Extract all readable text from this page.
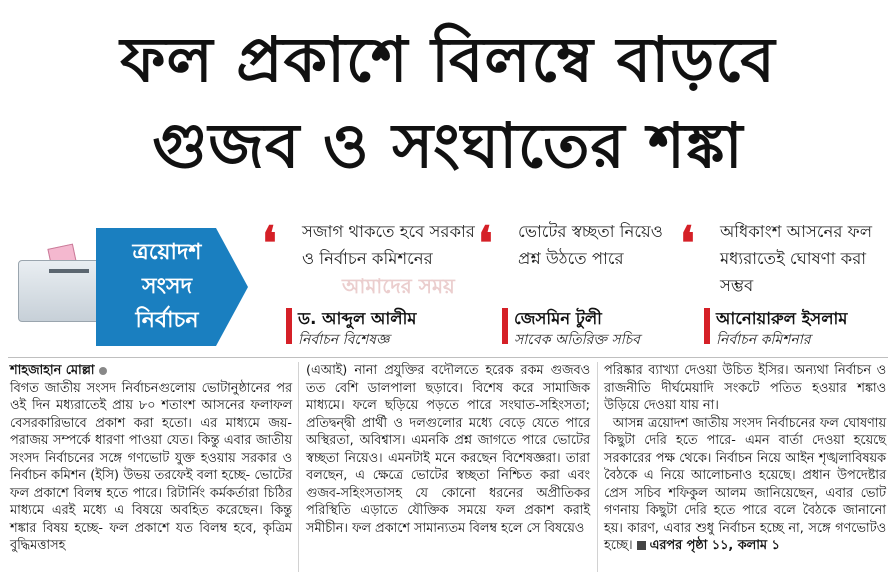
ফল প্রকাশে বিলম্বে বাড়বে
গুজব ও সংঘাতের শঙ্কা
ত্রয়োদশ
সংসদ
নির্বাচন
❛	সজাগ থাকতে হবে সরকার ও নির্বাচন কমিশনের
ড. আব্দুল আলীম
নির্বাচন বিশেষজ্ঞ
❛	ভোটের স্বচ্ছতা নিয়েও প্রশ্ন উঠতে পারে
জেসমিন টুলী
সাবেক অতিরিক্ত সচিব
❛	অধিকাংশ আসনের ফল মধ্যরাতেই ঘোষণা করা সম্ভব
আনোয়ারুল ইসলাম
নির্বাচন কমিশনার
আমাদের সময়
শাহজাহান মোল্লা
বিগত জাতীয় সংসদ নির্বাচনগুলোয় ভোটানুষ্ঠানের পর ওই দিন মধ্যরাতেই প্রায় ৮০ শতাংশ আসনের ফলাফল বেসরকারিভাবে প্রকাশ করা হতো। এর মাধ্যমে জয়-পরাজয় সম্পর্কে ধারণা পাওয়া যেত। কিন্তু এবার জাতীয় সংসদ নির্বাচনের সঙ্গে গণভোট যুক্ত হওয়ায় সরকার ও নির্বাচন কমিশন (ইসি) উভয় তরফেই বলা হচ্ছে- ভোটের ফল প্রকাশে বিলম্ব হতে পারে। রিটার্নিং কর্মকর্তারা চিঠির মাধ্যমে এরই মধ্যে এ বিষয়ে অবহিত করেছেন। কিন্তু শঙ্কার বিষয় হচ্ছে- ফল প্রকাশে যত বিলম্ব হবে, কৃত্রিম বুদ্ধিমত্তাসহ
(এআই) নানা প্রযুক্তির বদৌলতে হরেক রকম গুজবও তত বেশি ডালপালা ছড়াবে। বিশেষ করে সামাজিক মাধ্যমে। ফলে ছড়িয়ে পড়তে পারে সংঘাত-সহিংসতা; প্রতিদ্বন্দ্বী প্রার্থী ও দলগুলোর মধ্যে বেড়ে যেতে পারে অস্থিরতা, অবিশ্বাস। এমনকি প্রশ্ন জাগতে পারে ভোটের স্বচ্ছতা নিয়েও। এমনটাই মনে করছেন বিশেষজ্ঞরা। তারা বলছেন, এ ক্ষেত্রে ভোটের স্বচ্ছতা নিশ্চিত করা এবং গুজব-সহিংসতাসহ যে কোনো ধরনের অপ্রীতিকর পরিস্থিতি এড়াতে যৌক্তিক সময়ে ফল প্রকাশ করাই সমীচীন। ফল প্রকাশে সামান্যতম বিলম্ব হলে সে বিষয়েও
পরিষ্কার ব্যাখ্যা দেওয়া উচিত ইসির। অন্যথা নির্বাচন ও রাজনীতি দীর্ঘমেয়াদি সংকটে পতিত হওয়ার শঙ্কাও উড়িয়ে দেওয়া যায় না।
আসন্ন ত্রয়োদশ জাতীয় সংসদ নির্বাচনের ফল ঘোষণায় কিছুটা দেরি হতে পারে- এমন বার্তা দেওয়া হয়েছে সরকারের পক্ষ থেকে। নির্বাচন নিয়ে আইন শৃঙ্খলাবিষয়ক বৈঠকে এ নিয়ে আলোচনাও হয়েছে। প্রধান উপদেষ্টার প্রেস সচিব শফিকুল আলম জানিয়েছেন, এবার ভোট গণনায় কিছুটা দেরি হতে পারে বলে বৈঠকে জানানো হয়। কারণ, এবার শুধু নির্বাচন হচ্ছে না, সঙ্গে গণভোটও হচ্ছে। এরপর পৃষ্ঠা ১১, কলাম ১
